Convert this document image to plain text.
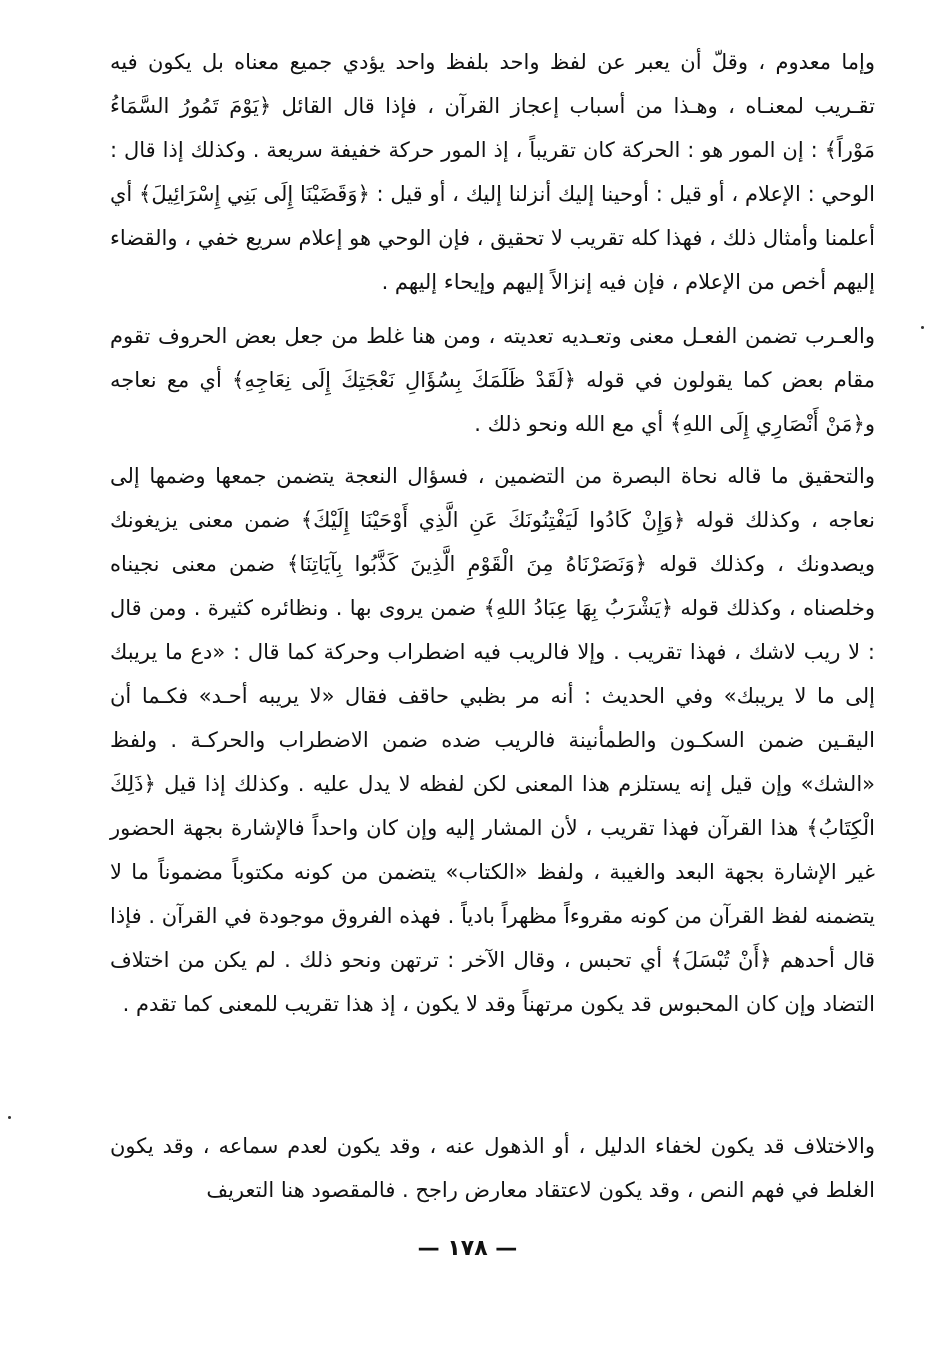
وإما معدوم ، وقلّ أن يعبر عن لفظ واحد بلفظ واحد يؤدي جميع معناه بل يكون فيه تقـريب لمعنـاه ، وهـذا من أسباب إعجاز القرآن ، فإذا قال القائل ﴿يَوْمَ تَمُورُ السَّمَاءُ مَوْراً﴾ : إن المور هو : الحركة كان تقريباً ، إذ المور حركة خفيفة سريعة . وكذلك إذا قال : الوحي : الإعلام ، أو قيل : أوحينا إليك أنزلنا إليك ، أو قيل : ﴿وَقَضَيْنَا إِلَى بَنِي إِسْرَائِيلَ﴾ أي أعلمنا وأمثال ذلك ، فهذا كله تقريب لا تحقيق ، فإن الوحي هو إعلام سريع خفي ، والقضاء إليهم أخص من الإعلام ، فإن فيه إنزالاً إليهم وإيحاء إليهم .

والعـرب تضمن الفعـل معنى وتعـديه تعديته ، ومن هنا غلط من جعل بعض الحروف تقوم مقام بعض كما يقولون في قوله ﴿لَقَدْ ظَلَمَكَ بِسُؤَالِ نَعْجَتِكَ إِلَى نِعَاجِهِ﴾ أي مع نعاجه و﴿مَنْ أَنْصَارِي إِلَى اللهِ﴾ أي مع الله ونحو ذلك .

والتحقيق ما قاله نحاة البصرة من التضمين ، فسؤال النعجة يتضمن جمعها وضمها إلى نعاجه ، وكذلك قوله ﴿وَإِنْ كَادُوا لَيَفْتِنُونَكَ عَنِ الَّذِي أَوْحَيْنَا إِلَيْكَ﴾ ضمن معنى يزيغونك ويصدونك ، وكذلك قوله ﴿وَنَصَرْنَاهُ مِنَ الْقَوْمِ الَّذِينَ كَذَّبُوا بِآيَاتِنَا﴾ ضمن معنى نجيناه وخلصناه ، وكذلك قوله ﴿يَشْرَبُ بِهَا عِبَادُ اللهِ﴾ ضمن يروى بها . ونظائره كثيرة . ومن قال : لا ريب لاشك ، فهذا تقريب . وإلا فالريب فيه اضطراب وحركة كما قال : «دع ما يريبك إلى ما لا يريبك» وفي الحديث : أنه مر بظبي حاقف فقال «لا يريبه أحـد» فكـما أن اليقـين ضمن السكـون والطمأنينة فالريب ضده ضمن الاضطراب والحركـة . ولفظ «الشك» وإن قيل إنه يستلزم هذا المعنى لكن لفظه لا يدل عليه . وكذلك إذا قيل ﴿ذَلِكَ الْكِتَابُ﴾ هذا القرآن فهذا تقريب ، لأن المشار إليه وإن كان واحداً فالإشارة بجهة الحضور غير الإشارة بجهة البعد والغيبة ، ولفظ «الكتاب» يتضمن من كونه مكتوباً مضموناً ما لا يتضمنه لفظ القرآن من كونه مقروءاً مظهراً بادياً . فهذه الفروق موجودة في القرآن . فإذا قال أحدهم ﴿أَنْ تُبْسَلَ﴾ أي تحبس ، وقال الآخر : ترتهن ونحو ذلك . لم يكن من اختلاف التضاد وإن كان المحبوس قد يكون مرتهناً وقد لا يكون ، إذ هذا تقريب للمعنى كما تقدم .

والاختلاف قد يكون لخفاء الدليل ، أو الذهول عنه ، وقد يكون لعدم سماعه ، وقد يكون الغلط في فهم النص ، وقد يكون لاعتقاد معارض راجح . فالمقصود هنا التعريف

— ١٧٨ —
